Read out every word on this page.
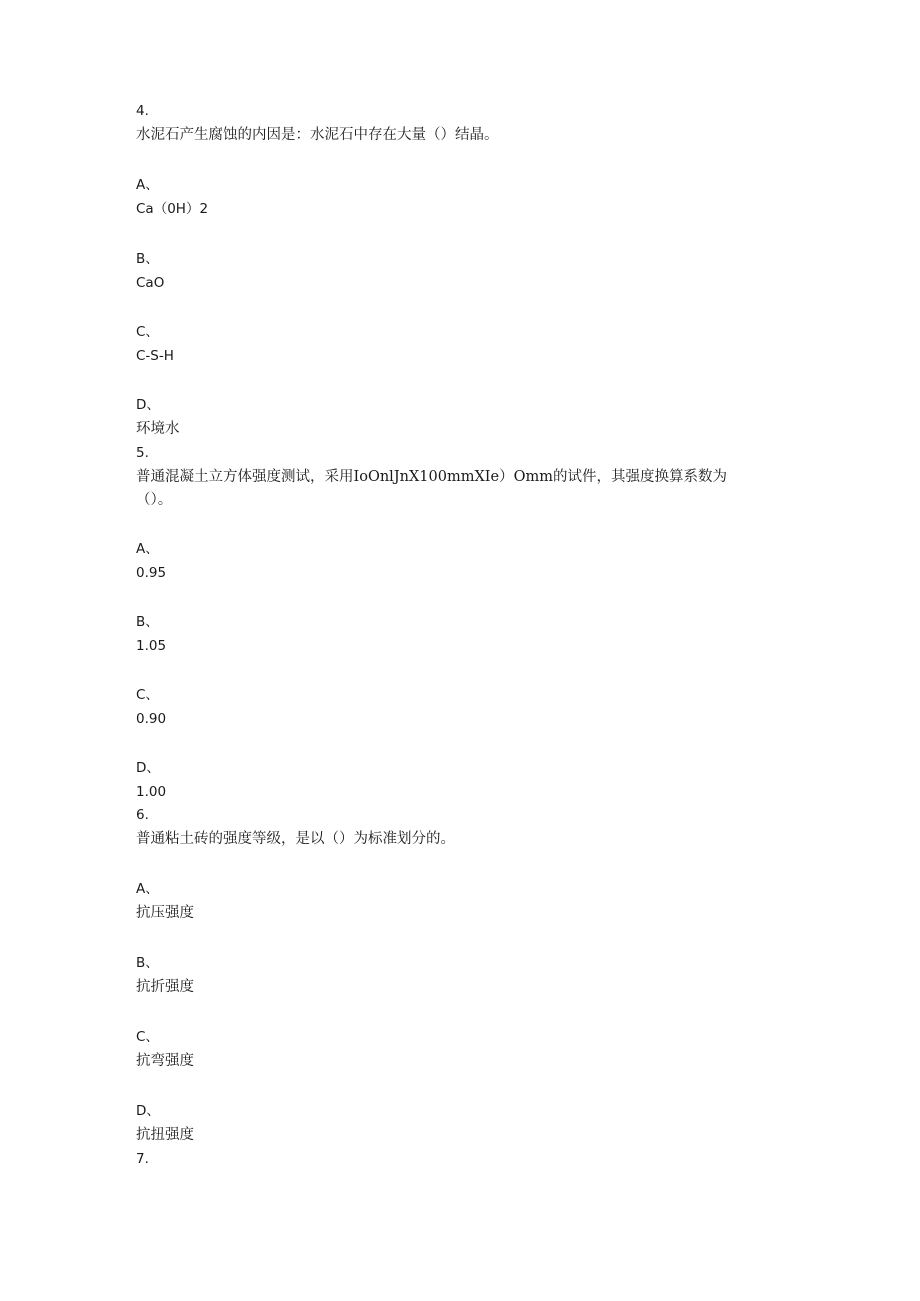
4.
水泥石产生腐蚀的内因是：水泥石中存在大量（）结晶。
A、
Ca（0H）2
B、
CaO
C、
C-S-H
D、
环境水
5.
普通混凝土立方体强度测试，采用IoOnlJnX100mmXIe）Omm的试件，其强度换算系数为
（）。
A、
0.95
B、
1.05
C、
0.90
D、
1.00
6.
普通粘土砖的强度等级，是以（）为标准划分的。
A、
抗压强度
B、
抗折强度
C、
抗弯强度
D、
抗扭强度
7.
